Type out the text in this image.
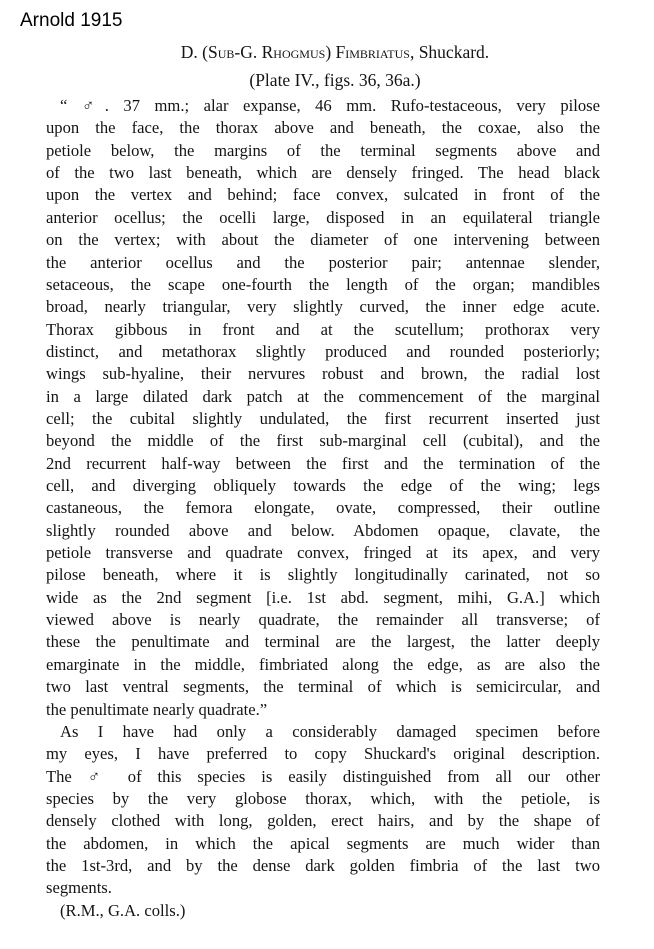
Arnold 1915
D. (Sub-G. Rhogmus) Fimbriatus, Shuckard.
(Plate IV., figs. 36, 36a.)
“ ♂. 37 mm.; alar expanse, 46 mm. Rufo-testaceous, very pilose
upon the face, the thorax above and beneath, the coxae, also the
petiole below, the margins of the terminal segments above and
of the two last beneath, which are densely fringed. The head black
upon the vertex and behind; face convex, sulcated in front of the
anterior ocellus; the ocelli large, disposed in an equilateral triangle
on the vertex; with about the diameter of one intervening between
the anterior ocellus and the posterior pair; antennae slender,
setaceous, the scape one-fourth the length of the organ; mandibles
broad, nearly triangular, very slightly curved, the inner edge acute.
Thorax gibbous in front and at the scutellum; prothorax very
distinct, and metathorax slightly produced and rounded posteriorly;
wings sub-hyaline, their nervures robust and brown, the radial lost
in a large dilated dark patch at the commencement of the marginal
cell; the cubital slightly undulated, the first recurrent inserted just
beyond the middle of the first sub-marginal cell (cubital), and the
2nd recurrent half-way between the first and the termination of the
cell, and diverging obliquely towards the edge of the wing; legs
castaneous, the femora elongate, ovate, compressed, their outline
slightly rounded above and below. Abdomen opaque, clavate, the
petiole transverse and quadrate convex, fringed at its apex, and very
pilose beneath, where it is slightly longitudinally carinated, not so
wide as the 2nd segment [i.e. 1st abd. segment, mihi, G.A.] which
viewed above is nearly quadrate, the remainder all transverse; of
these the penultimate and terminal are the largest, the latter deeply
emarginate in the middle, fimbriated along the edge, as are also the
two last ventral segments, the terminal of which is semicircular, and
the penultimate nearly quadrate.”
As I have had only a considerably damaged specimen before
my eyes, I have preferred to copy Shuckard's original description.
The ♂ of this species is easily distinguished from all our other
species by the very globose thorax, which, with the petiole, is
densely clothed with long, golden, erect hairs, and by the shape of
the abdomen, in which the apical segments are much wider than
the 1st-3rd, and by the dense dark golden fimbria of the last two
segments.
(R.M., G.A. colls.)
